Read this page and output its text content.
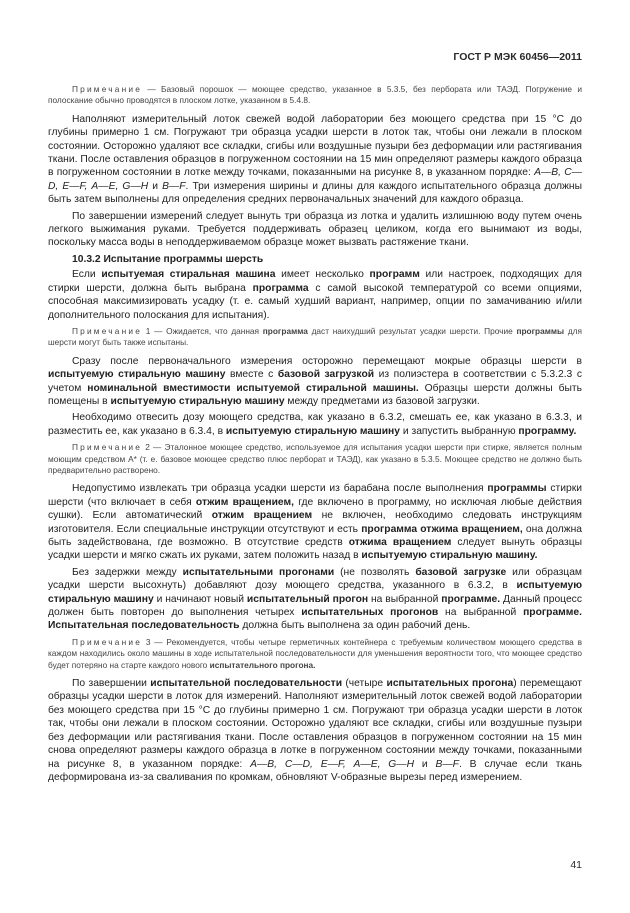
ГОСТ Р МЭК 60456—2011

Примечание — Базовый порошок — моющее средство, указанное в 5.3.5, без пербората или ТАЭД. Погружение и полоскание обычно проводятся в плоском лотке, указанном в 5.4.8.

Наполняют измерительный лоток свежей водой лаборатории без моющего средства при 15 °С до глубины примерно 1 см. Погружают три образца усадки шерсти в лоток так, чтобы они лежали в плоском состоянии. Осторожно удаляют все складки, сгибы или воздушные пузыри без деформации или растягивания ткани. После оставления образцов в погруженном состоянии на 15 мин определяют размеры каждого образца в погруженном состоянии в лотке между точками, показанными на рисунке 8, в указанном порядке: А—В, С—D, Е—F, А—Е, G—Н и В—F. Три измерения ширины и длины для каждого испытательного образца должны быть затем выполнены для определения средних первоначальных значений для каждого образца.

По завершении измерений следует вынуть три образца из лотка и удалить излишнюю воду путем очень легкого выжимания руками. Требуется поддерживать образец целиком, когда его вынимают из воды, поскольку масса воды в неподдерживаемом образце может вызвать растяжение ткани.

10.3.2 Испытание программы шерсть

Если испытуемая стиральная машина имеет несколько программ или настроек, подходящих для стирки шерсти, должна быть выбрана программа с самой высокой температурой со всеми опциями, способная максимизировать усадку (т. е. самый худший вариант, например, опции по замачиванию и/или дополнительного полоскания для испытания).

Примечание 1 — Ожидается, что данная программа даст наихудший результат усадки шерсти. Прочие программы для шерсти могут быть также испытаны.

Сразу после первоначального измерения осторожно перемещают мокрые образцы шерсти в испытуемую стиральную машину вместе с базовой загрузкой из полиэстера в соответствии с 5.3.2.3 с учетом номинальной вместимости испытуемой стиральной машины. Образцы шерсти должны быть помещены в испытуемую стиральную машину между предметами из базовой загрузки.

Необходимо отвесить дозу моющего средства, как указано в 6.3.2, смешать ее, как указано в 6.3.3, и разместить ее, как указано в 6.3.4, в испытуемую стиральную машину и запустить выбранную программу.

Примечание 2 — Эталонное моющее средство, используемое для испытания усадки шерсти при стирке, является полным моющим средством А* (т. е. базовое моющее средство плюс перборат и ТАЭД), как указано в 5.3.5. Моющее средство не должно быть предварительно растворено.

Недопустимо извлекать три образца усадки шерсти из барабана после выполнения программы стирки шерсти (что включает в себя отжим вращением, где включено в программу, но исключая любые действия сушки). Если автоматический отжим вращением не включен, необходимо следовать инструкциям изготовителя. Если специальные инструкции отсутствуют и есть программа отжима вращением, она должна быть задействована, где возможно. В отсутствие средств отжима вращением следует вынуть образцы усадки шерсти и мягко сжать их руками, затем положить назад в испытуемую стиральную машину.

Без задержки между испытательными прогонами (не позволять базовой загрузке или образцам усадки шерсти высохнуть) добавляют дозу моющего средства, указанного в 6.3.2, в испытуемую стиральную машину и начинают новый испытательный прогон на выбранной программе. Данный процесс должен быть повторен до выполнения четырех испытательных прогонов на выбранной программе. Испытательная последовательность должна быть выполнена за один рабочий день.

Примечание 3 — Рекомендуется, чтобы четыре герметичных контейнера с требуемым количеством моющего средства в каждом находились около машины в ходе испытательной последовательности для уменьшения вероятности того, что моющее средство будет потеряно на старте каждого нового испытательного прогона.

По завершении испытательной последовательности (четыре испытательных прогона) перемещают образцы усадки шерсти в лоток для измерений. Наполняют измерительный лоток свежей водой лаборатории без моющего средства при 15 °С до глубины примерно 1 см. Погружают три образца усадки шерсти в лоток так, чтобы они лежали в плоском состоянии. Осторожно удаляют все складки, сгибы или воздушные пузыри без деформации или растягивания ткани. После оставления образцов в погруженном состоянии на 15 мин снова определяют размеры каждого образца в лотке в погруженном состоянии между точками, показанными на рисунке 8, в указанном порядке: А—В, С—D, Е—F, А—Е, G—Н и В—F. В случае если ткань деформирована из-за сваливания по кромкам, обновляют V-образные вырезы перед измерением.

41
